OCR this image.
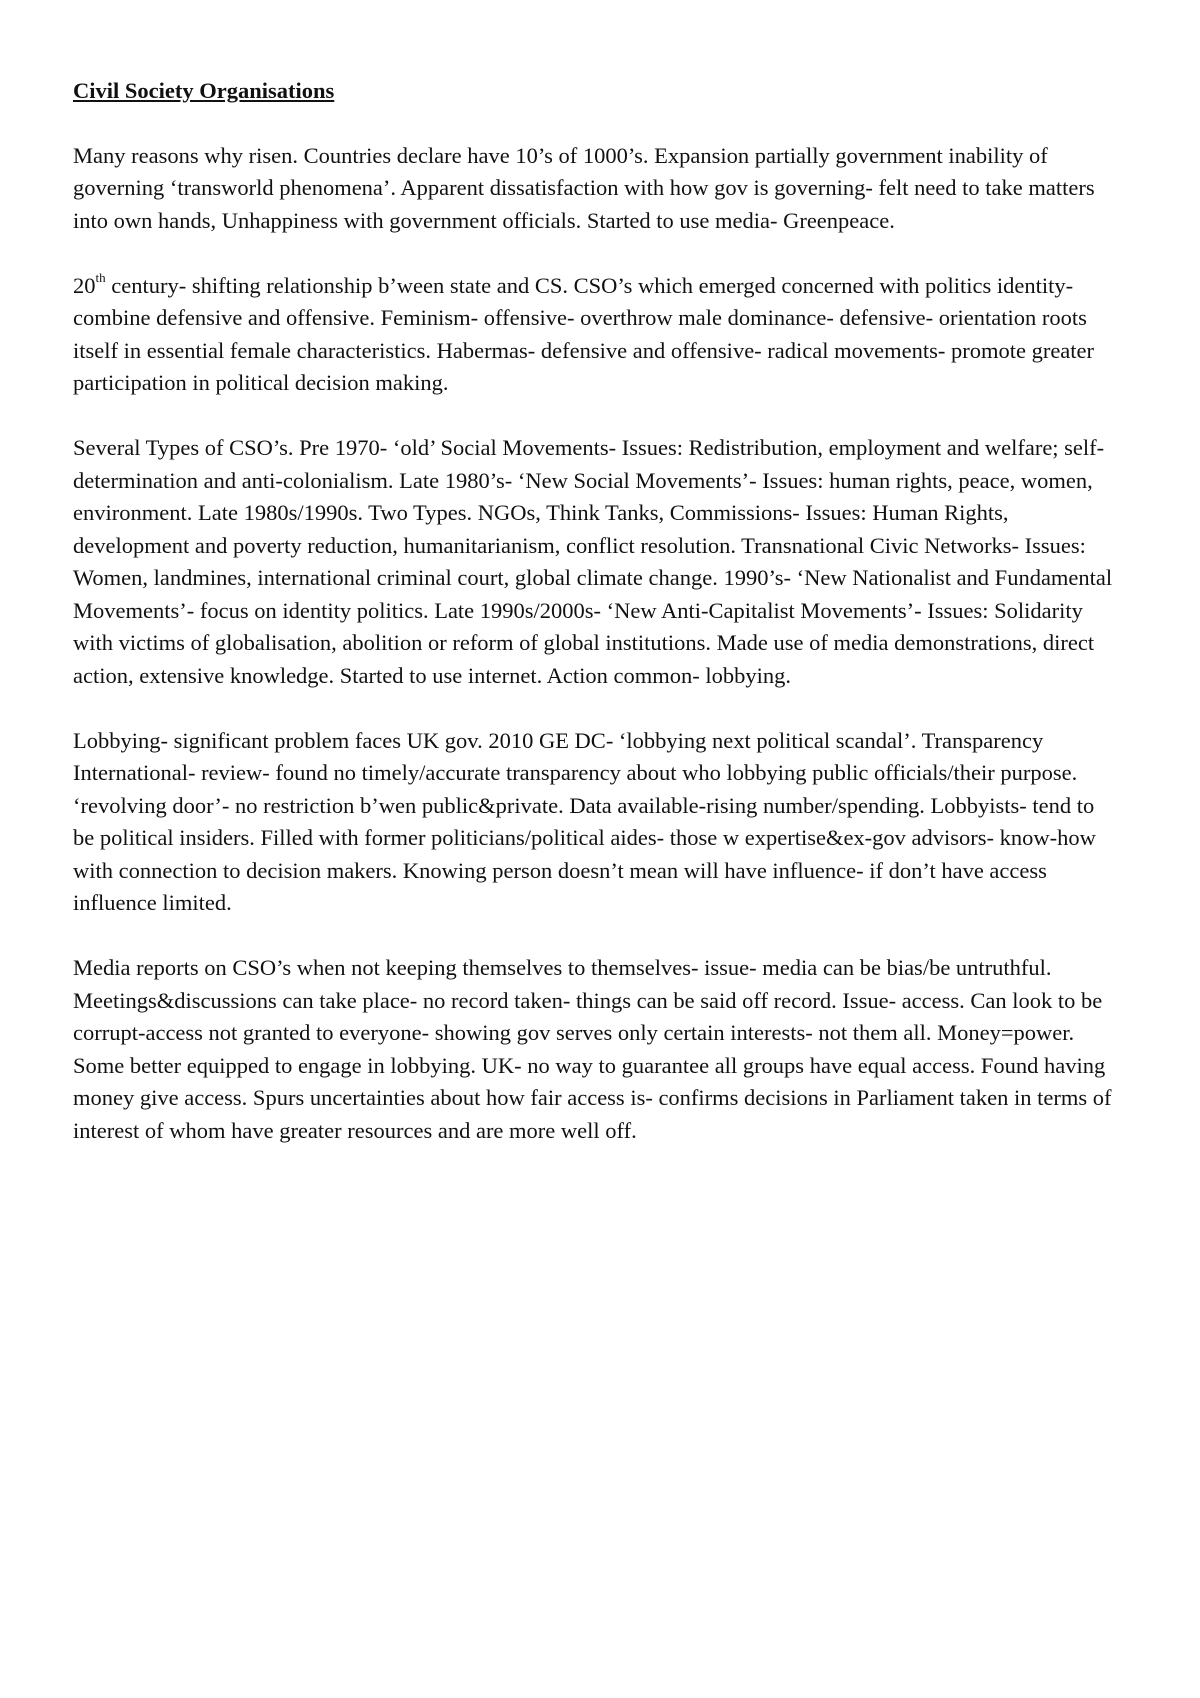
Civil Society Organisations

Many reasons why risen. Countries declare have 10’s of 1000’s. Expansion partially government inability of governing ‘transworld phenomena’. Apparent dissatisfaction with how gov is governing- felt need to take matters into own hands, Unhappiness with government officials. Started to use media- Greenpeace.

20th century- shifting relationship b’ween state and CS. CSO’s which emerged concerned with politics identity- combine defensive and offensive. Feminism- offensive- overthrow male dominance- defensive- orientation roots itself in essential female characteristics. Habermas- defensive and offensive- radical movements- promote greater participation in political decision making.

Several Types of CSO’s. Pre 1970- ‘old’ Social Movements- Issues: Redistribution, employment and welfare; self-determination and anti-colonialism. Late 1980’s- ‘New Social Movements’- Issues: human rights, peace, women, environment. Late 1980s/1990s. Two Types. NGOs, Think Tanks, Commissions- Issues: Human Rights, development and poverty reduction, humanitarianism, conflict resolution. Transnational Civic Networks- Issues: Women, landmines, international criminal court, global climate change. 1990’s- ‘New Nationalist and Fundamental Movements’- focus on identity politics. Late 1990s/2000s- ‘New Anti-Capitalist Movements’- Issues: Solidarity with victims of globalisation, abolition or reform of global institutions. Made use of media demonstrations, direct action, extensive knowledge. Started to use internet. Action common- lobbying.

Lobbying- significant problem faces UK gov. 2010 GE DC- ‘lobbying next political scandal’. Transparency International- review- found no timely/accurate transparency about who lobbying public officials/their purpose. ‘revolving door’- no restriction b’wen public&private. Data available-rising number/spending. Lobbyists- tend to be political insiders. Filled with former politicians/political aides- those w expertise&ex-gov advisors- know-how with connection to decision makers. Knowing person doesn’t mean will have influence- if don’t have access influence limited.

Media reports on CSO’s when not keeping themselves to themselves- issue- media can be bias/be untruthful. Meetings&discussions can take place- no record taken- things can be said off record. Issue- access. Can look to be corrupt-access not granted to everyone- showing gov serves only certain interests- not them all. Money=power. Some better equipped to engage in lobbying. UK- no way to guarantee all groups have equal access. Found having money give access. Spurs uncertainties about how fair access is- confirms decisions in Parliament taken in terms of interest of whom have greater resources and are more well off.
